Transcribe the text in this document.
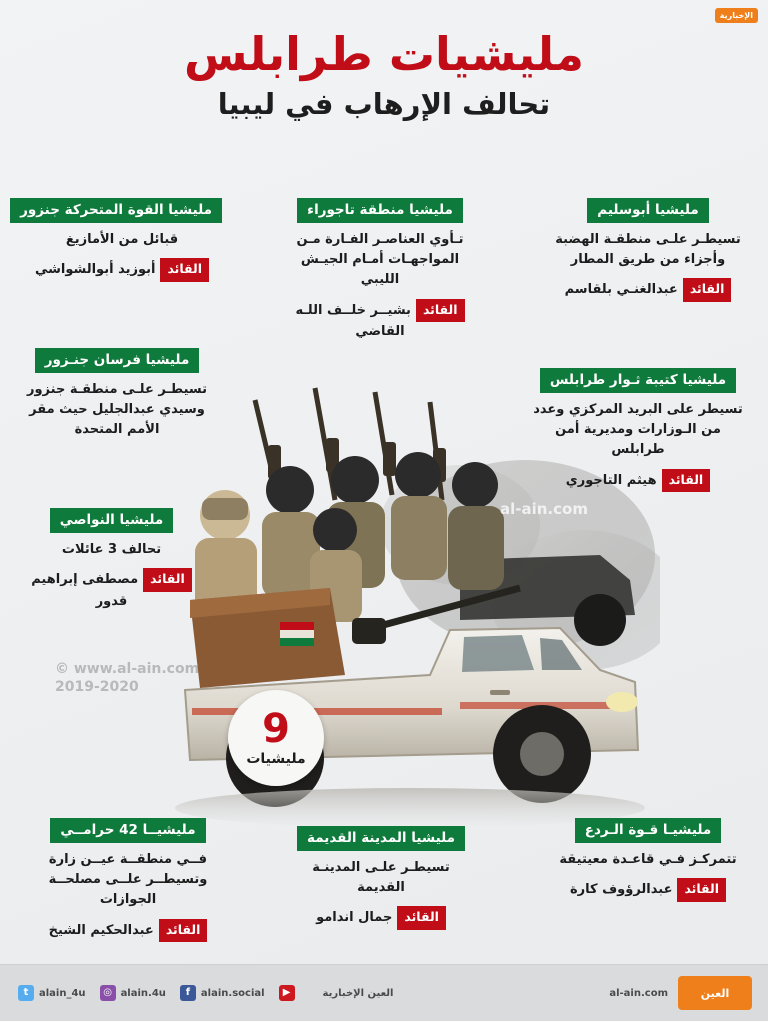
مليشيات طرابلس
تحالف الإرهاب في ليبيا
9
مليشيات
al-ain.com
© www.al-ain.com
2019-2020
مليشيا أبوسليم
تسيطـر علـى منطقـة الهضبة وأجزاء من طريق المطار
القائدعبدالغنـي بلقاسم
مليشيا منطقة تاجوراء
تـأوي العناصـر الفـارة مـن المواجهـات أمـام الجيـش الليبي
القائدبشيــر خلــف اللـه القاضي
مليشيا القوة المتحركة جنزور
قبائل من الأمازيغ
القائدأبوزيد أبوالشواشي
مليشيا كتيبة ثـوار طرابلس
تسيطر على البريد المركزي وعدد من الـوزارات ومديرية أمن طرابلس
القائدهيثم التاجوري
مليشيا فرسان جنـزور
تسيطـر علـى منطقـة جنزور وسيدي عبدالجليل حيث مقر الأمم المتحدة
مليشيا النواصي
تحالف 3 عائلات
القائدمصطفى إبراهيم قدور
مليشيـا قـوة الـردع
تتمركـز فـي قاعـدة معيتيقة
القائدعبدالرؤوف كارة
مليشيا المدينة القديمة
تسيطـر علـى المدينـة القديمة
القائدجمال اندامو
مليشيــا 42 حرامــي
فــي منطقــة عيــن زارة وتسيطــر علــى مصلحــة الجوازات
القائدعبدالحكيم الشيخ
t	alain_4u	◎ alain.4u	f	alain.social	▶	العين الإخبارية	al-ain.com	العين
الإخبارية
